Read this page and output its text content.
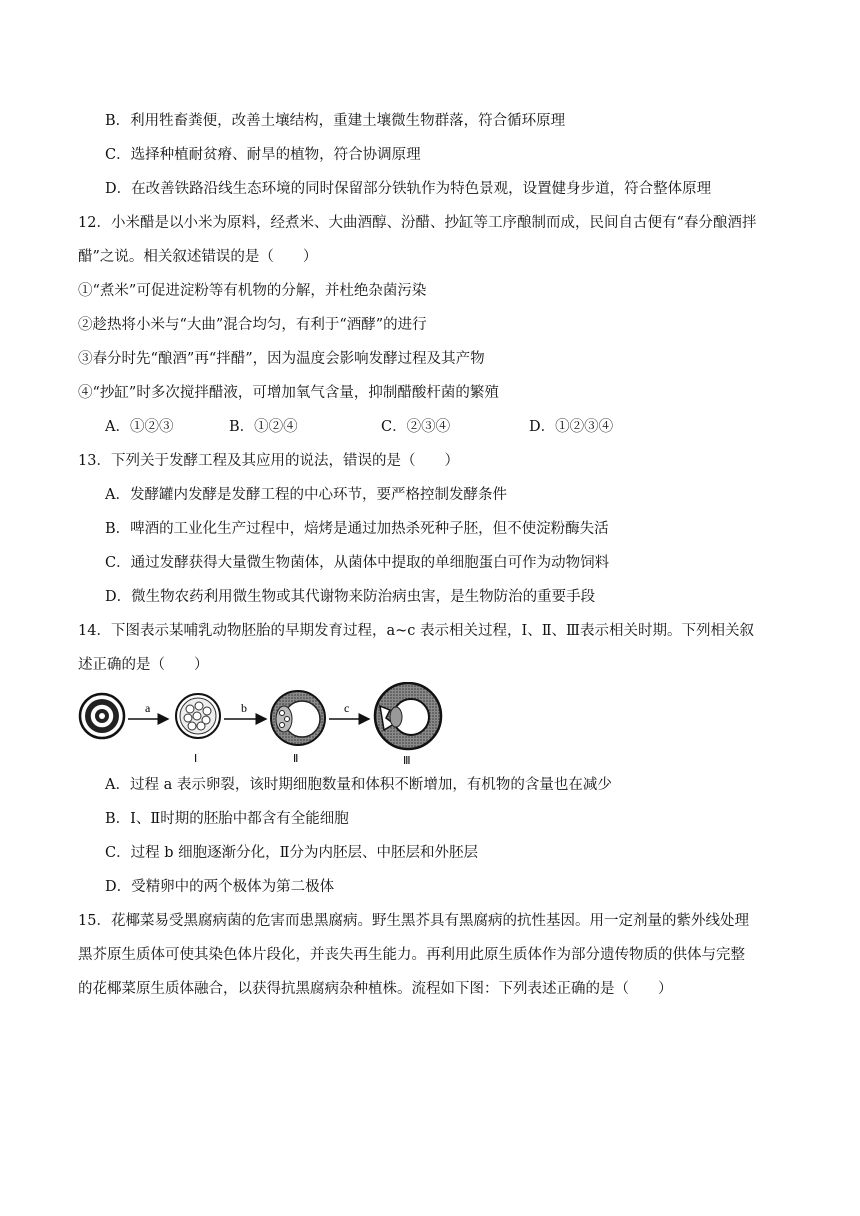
B．利用牲畜粪便，改善土壤结构，重建土壤微生物群落，符合循环原理
C．选择种植耐贫瘠、耐旱的植物，符合协调原理
D．在改善铁路沿线生态环境的同时保留部分铁轨作为特色景观，设置健身步道，符合整体原理
12．小米醋是以小米为原料，经煮米、大曲酒醇、汾醋、抄缸等工序酿制而成，民间自古便有“春分酿酒拌
醋”之说。相关叙述错误的是（　　）
①“煮米”可促进淀粉等有机物的分解，并杜绝杂菌污染
②趁热将小米与“大曲”混合均匀，有利于“酒酵”的进行
③春分时先“酿酒”再“拌醋”，因为温度会影响发酵过程及其产物
④“抄缸”时多次搅拌醋液，可增加氧气含量，抑制醋酸杆菌的繁殖
A．①②③	B．①②④	C．②③④	D．①②③④
13．下列关于发酵工程及其应用的说法，错误的是（　　）
A．发酵罐内发酵是发酵工程的中心环节，要严格控制发酵条件
B．啤酒的工业化生产过程中，焙烤是通过加热杀死种子胚，但不使淀粉酶失活
C．通过发酵获得大量微生物菌体，从菌体中提取的单细胞蛋白可作为动物饲料
D．微生物农药利用微生物或其代谢物来防治病虫害，是生物防治的重要手段
14．下图表示某哺乳动物胚胎的早期发育过程，a~c 表示相关过程，Ⅰ、Ⅱ、Ⅲ表示相关时期。下列相关叙
述正确的是（　　）
a
Ⅰ
b
Ⅱ
c
Ⅲ
A．过程 a 表示卵裂，该时期细胞数量和体积不断增加，有机物的含量也在减少
B．Ⅰ、Ⅱ时期的胚胎中都含有全能细胞
C．过程 b 细胞逐渐分化，Ⅱ分为内胚层、中胚层和外胚层
D．受精卵中的两个极体为第二极体
15．花椰菜易受黑腐病菌的危害而患黑腐病。野生黑芥具有黑腐病的抗性基因。用一定剂量的紫外线处理
黑芥原生质体可使其染色体片段化，并丧失再生能力。再利用此原生质体作为部分遗传物质的供体与完整
的花椰菜原生质体融合，以获得抗黑腐病杂种植株。流程如下图：下列表述正确的是（　　）
